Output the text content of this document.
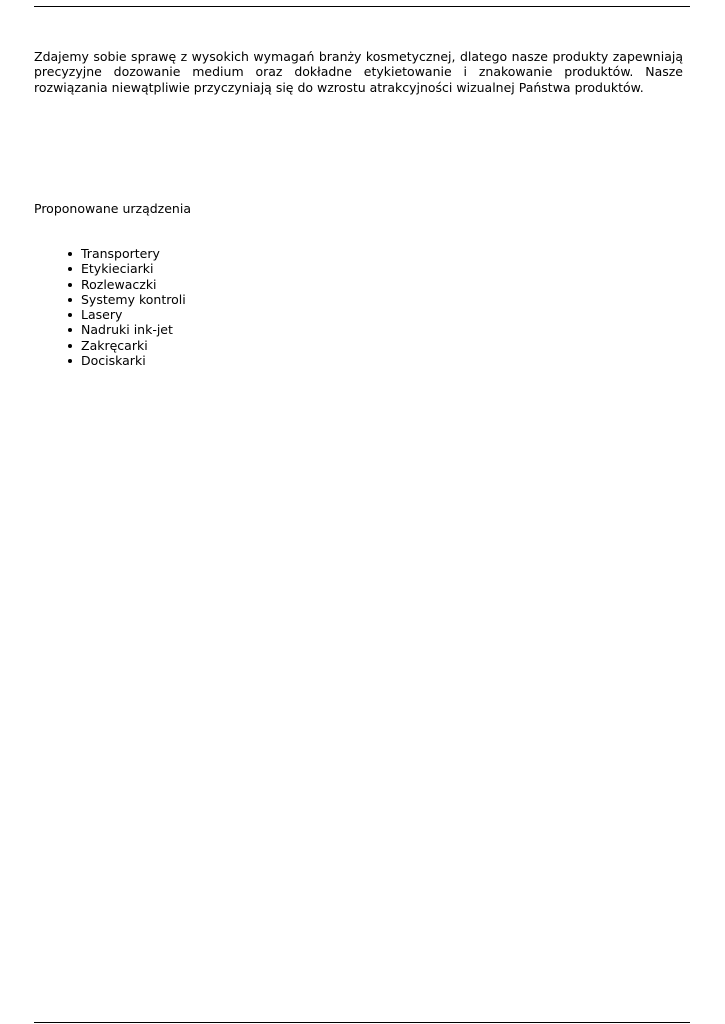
Zdajemy sobie sprawę z wysokich wymagań branży kosmetycznej, dlatego nasze produkty zapewniają precyzyjne dozowanie medium oraz dokładne etykietowanie i znakowanie produktów. Nasze rozwiązania niewątpliwie przyczyniają się do wzrostu atrakcyjności wizualnej Państwa produktów.

Proponowane urządzenia
Transportery
Etykieciarki
Rozlewaczki
Systemy kontroli
Lasery
Nadruki ink-jet
Zakręcarki
Dociskarki
